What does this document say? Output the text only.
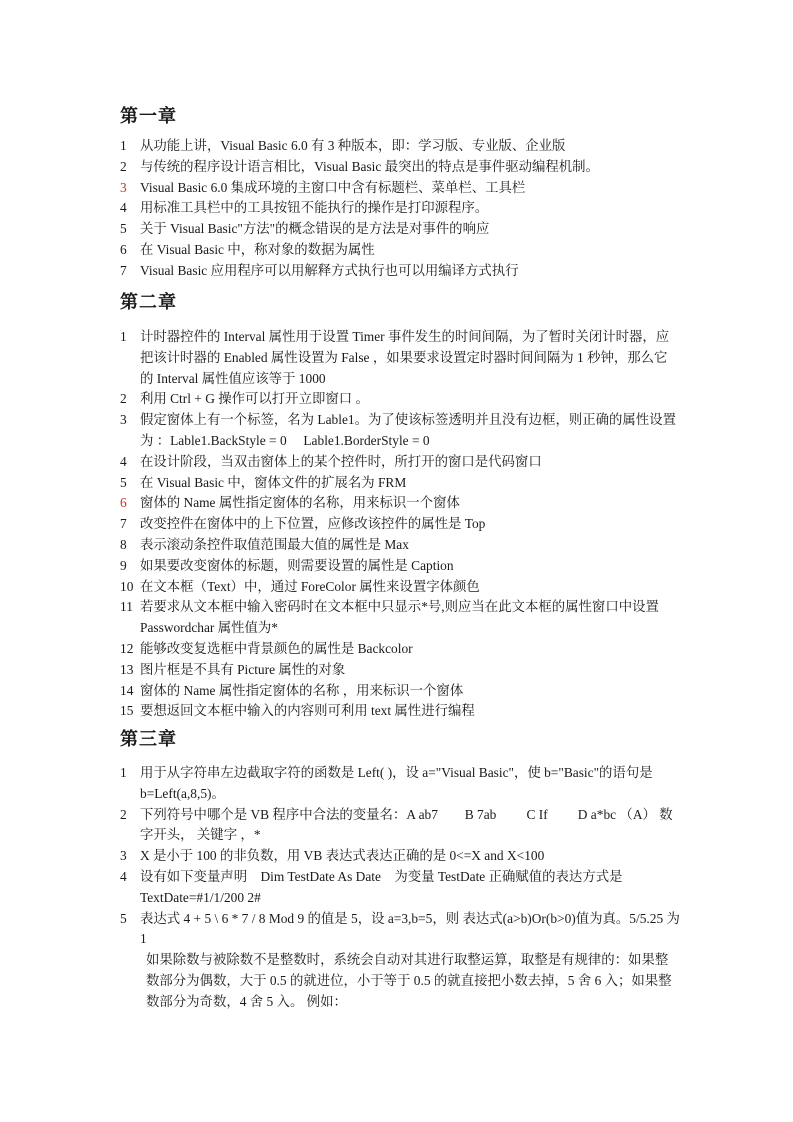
第一章
1 从功能上讲，Visual Basic 6.0 有 3 种版本，即：学习版、专业版、企业版
2 与传统的程序设计语言相比，Visual Basic 最突出的特点是事件驱动编程机制。
3 Visual Basic 6.0 集成环境的主窗口中含有标题栏、菜单栏、工具栏
4 用标准工具栏中的工具按钮不能执行的操作是打印源程序。
5 关于 Visual Basic"方法"的概念错误的是方法是对事件的响应
6 在 Visual Basic 中，称对象的数据为属性
7 Visual Basic 应用程序可以用解释方式执行也可以用编译方式执行
第二章
1 计时器控件的 Interval 属性用于设置 Timer 事件发生的时间间隔，为了暂时关闭计时器，应把该计时器的 Enabled 属性设置为 False ，如果要求设置定时器时间间隔为 1 秒钟，那么它的 Interval 属性值应该等于 1000
2 利用 Ctrl + G 操作可以打开立即窗口 。
3 假定窗体上有一个标签，名为 Lable1。为了使该标签透明并且没有边框，则正确的属性设置为 ：Lable1.BackStyle = 0　 Lable1.BorderStyle = 0
4 在设计阶段，当双击窗体上的某个控件时，所打开的窗口是代码窗口
5 在 Visual Basic 中，窗体文件的扩展名为 FRM
6 窗体的 Name 属性指定窗体的名称，用来标识一个窗体
7 改变控件在窗体中的上下位置，应修改该控件的属性是 Top
8 表示滚动条控件取值范围最大值的属性是 Max
9 如果要改变窗体的标题，则需要设置的属性是 Caption
10 在文本框（Text）中，通过 ForeColor 属性来设置字体颜色
11 若要求从文本框中输入密码时在文本框中只显示*号,则应当在此文本框的属性窗口中设置 Passwordchar 属性值为*
12 能够改变复选框中背景颜色的属性是 Backcolor
13 图片框是不具有 Picture 属性的对象
14 窗体的 Name 属性指定窗体的名称 ，用来标识一个窗体
15 要想返回文本框中输入的内容则可利用 text 属性进行编程
第三章
1 用于从字符串左边截取字符的函数是 Left( )，设 a="Visual Basic"，使 b="Basic"的语句是 b=Left(a,8,5)。
2 下列符号中哪个是 VB 程序中合法的变量名：A ab7　　B 7ab　　 C If　　 D a*bc （A） 数字开头， 关键字 ，*
3 X 是小于 100 的非负数，用 VB 表达式表达正确的是 0<=X and X<100
4 设有如下变量声明　Dim TestDate As Date　为变量 TestDate 正确赋值的表达方式是 TextDate=#1/1/200 2#
5 表达式 4 + 5 \ 6 * 7 / 8 Mod 9 的值是 5，设 a=3,b=5，则 表达式(a>b)Or(b>0)值为真。5/5.25 为 1
如果除数与被除数不是整数时，系统会自动对其进行取整运算，取整是有规律的：如果整数部分为偶数，大于 0.5 的就进位，小于等于 0.5 的就直接把小数去掉，5 舍 6 入；如果整数部分为奇数，4 舍 5 入。 例如：
